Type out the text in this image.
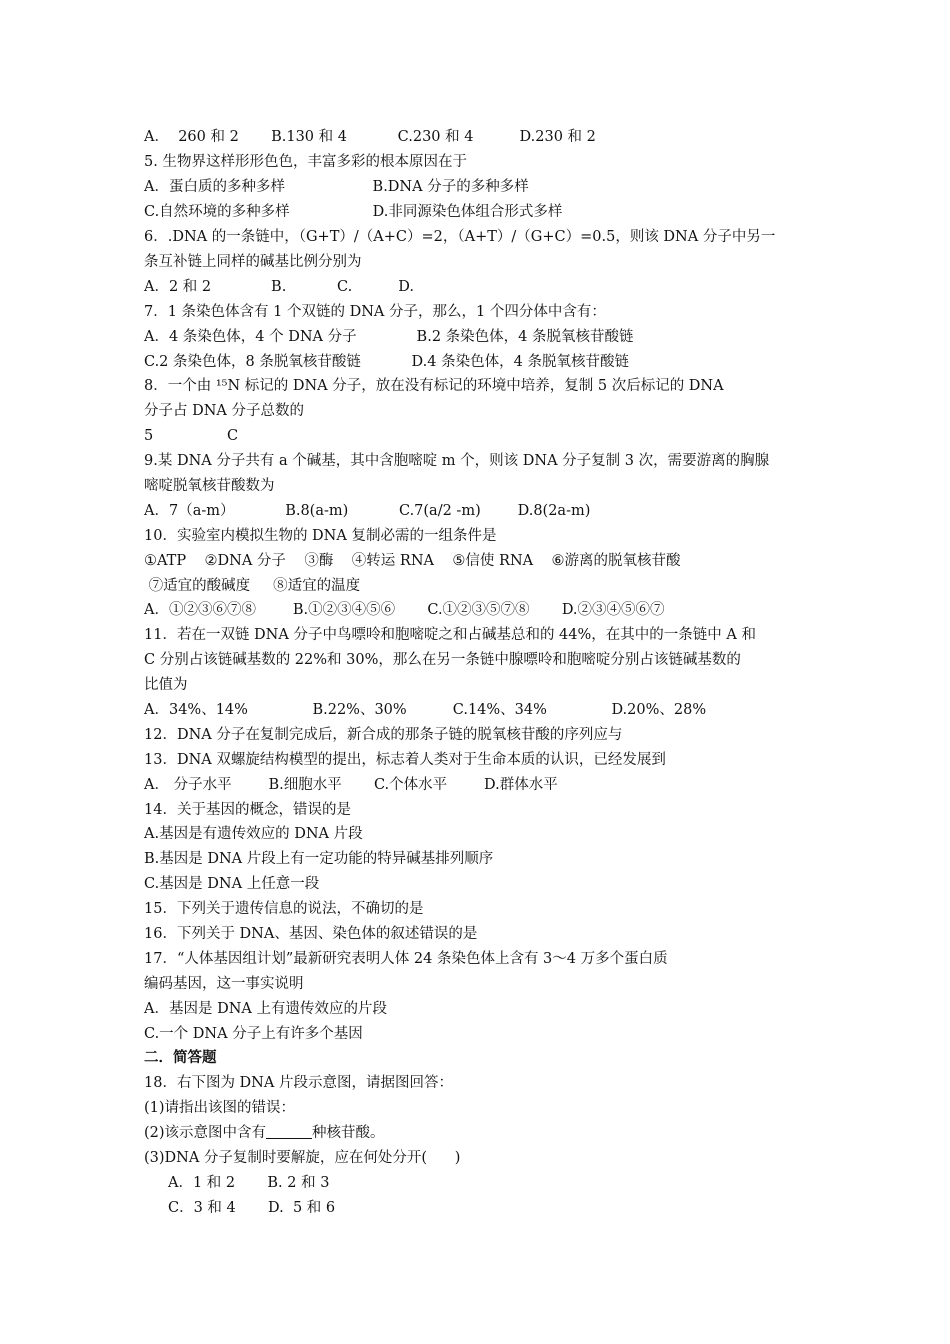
A．  260 和 2       B.130 和 4           C.230 和 4          D.230 和 2
5. 生物界这样形形色色，丰富多彩的根本原因在于
A．蛋白质的多种多样                   B.DNA 分子的多种多样
C.自然环境的多种多样                  D.非同源染色体组合形式多样
6．.DNA 的一条链中，（G+T）/（A+C）=2，（A+T）/（G+C）=0.5，则该 DNA 分子中另一
条互补链上同样的碱基比例分别为
A．2 和 2             B.           C.          D.
7．1 条染色体含有 1 个双链的 DNA 分子，那么，1 个四分体中含有：
A．4 条染色体，4 个 DNA 分子             B.2 条染色体，4 条脱氧核苷酸链
C.2 条染色体，8 条脱氧核苷酸链           D.4 条染色体，4 条脱氧核苷酸链
8．一个由 ¹⁵N 标记的 DNA 分子，放在没有标记的环境中培养，复制 5 次后标记的 DNA
分子占 DNA 分子总数的
5                C
9.某 DNA 分子共有 a 个碱基，其中含胞嘧啶 m 个，则该 DNA 分子复制 3 次，需要游离的胸腺
嘧啶脱氧核苷酸数为
A．7（a-m）           B.8(a-m)           C.7(a/2 -m)        D.8(2a-m)
10．实验室内模拟生物的 DNA 复制必需的一组条件是
①ATP    ②DNA 分子    ③酶    ④转运 RNA    ⑤信使 RNA    ⑥游离的脱氧核苷酸
⑦适宜的酸碱度     ⑧适宜的温度
A．①②③⑥⑦⑧        B.①②③④⑤⑥       C.①②③⑤⑦⑧       D.②③④⑤⑥⑦
11．若在一双链 DNA 分子中鸟嘌呤和胞嘧啶之和占碱基总和的 44%，在其中的一条链中 A 和
C 分别占该链碱基数的 22%和 30%，那么在另一条链中腺嘌呤和胞嘧啶分别占该链碱基数的
比值为
A．34%、14%              B.22%、30%          C.14%、34%              D.20%、28%
12．DNA 分子在复制完成后，新合成的那条子链的脱氧核苷酸的序列应与
13．DNA 双螺旋结构模型的提出，标志着人类对于生命本质的认识，已经发展到
A． 分子水平        B.细胞水平       C.个体水平        D.群体水平
14．关于基因的概念，错误的是
A.基因是有遗传效应的 DNA 片段
B.基因是 DNA 片段上有一定功能的特异碱基排列顺序
C.基因是 DNA 上任意一段
15．下列关于遗传信息的说法，不确切的是
16．下列关于 DNA、基因、染色体的叙述错误的是
17．“人体基因组计划”最新研究表明人体 24 条染色体上含有 3～4 万多个蛋白质
编码基因，这一事实说明
A．基因是 DNA 上有遗传效应的片段
C.一个 DNA 分子上有许多个基因
二．简答题
18．右下图为 DNA 片段示意图，请据图回答：
(1)请指出该图的错误：
(2)该示意图中含有	种核苷酸。
(3)DNA 分子复制时要解旋，应在何处分开(      )
A．1 和 2       B. 2 和 3
C．3 和 4       D.  5 和 6
